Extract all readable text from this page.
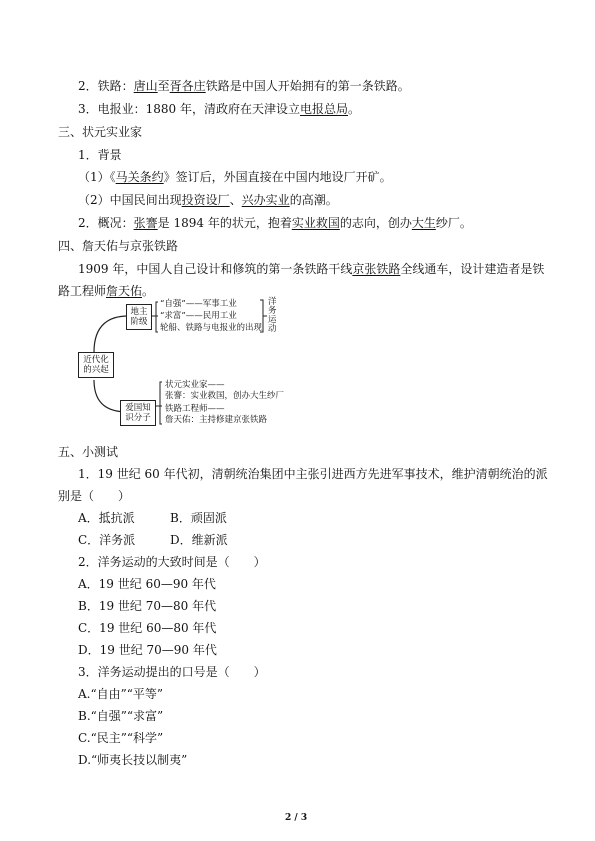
2．铁路：唐山至胥各庄铁路是中国人开始拥有的第一条铁路。
3．电报业：1880 年，清政府在天津设立电报总局。
三、状元实业家
1．背景
（1）《马关条约》签订后，外国直接在中国内地设厂开矿。
（2）中国民间出现投资设厂、兴办实业的高潮。
2．概况：张謇是 1894 年的状元，抱着实业救国的志向，创办大生纱厂。
四、詹天佑与京张铁路
1909 年，中国人自己设计和修筑的第一条铁路干线京张铁路全线通车，设计建造者是铁
路工程师詹天佑。
近代化的兴起
地主阶级
“自强”——军事工业
“求富”——民用工业
轮船、铁路与电报业的出现
洋务运动
爱国知识分子
状元实业家——
张謇：实业救国，创办大生纱厂
铁路工程师——
詹天佑：主持修建京张铁路
五、小测试
1．19 世纪 60 年代初，清朝统治集团中主张引进西方先进军事技术，维护清朝统治的派
别是（　　）
A．抵抗派	B．顽固派
C．洋务派	D．维新派
2．洋务运动的大致时间是（　　）
A．19 世纪 60—90 年代
B．19 世纪 70—80 年代
C．19 世纪 60—80 年代
D．19 世纪 70—90 年代
3．洋务运动提出的口号是（　　）
A.“自由”“平等”
B.“自强”“求富”
C.“民主”“科学”
D.“师夷长技以制夷”
2 / 3
